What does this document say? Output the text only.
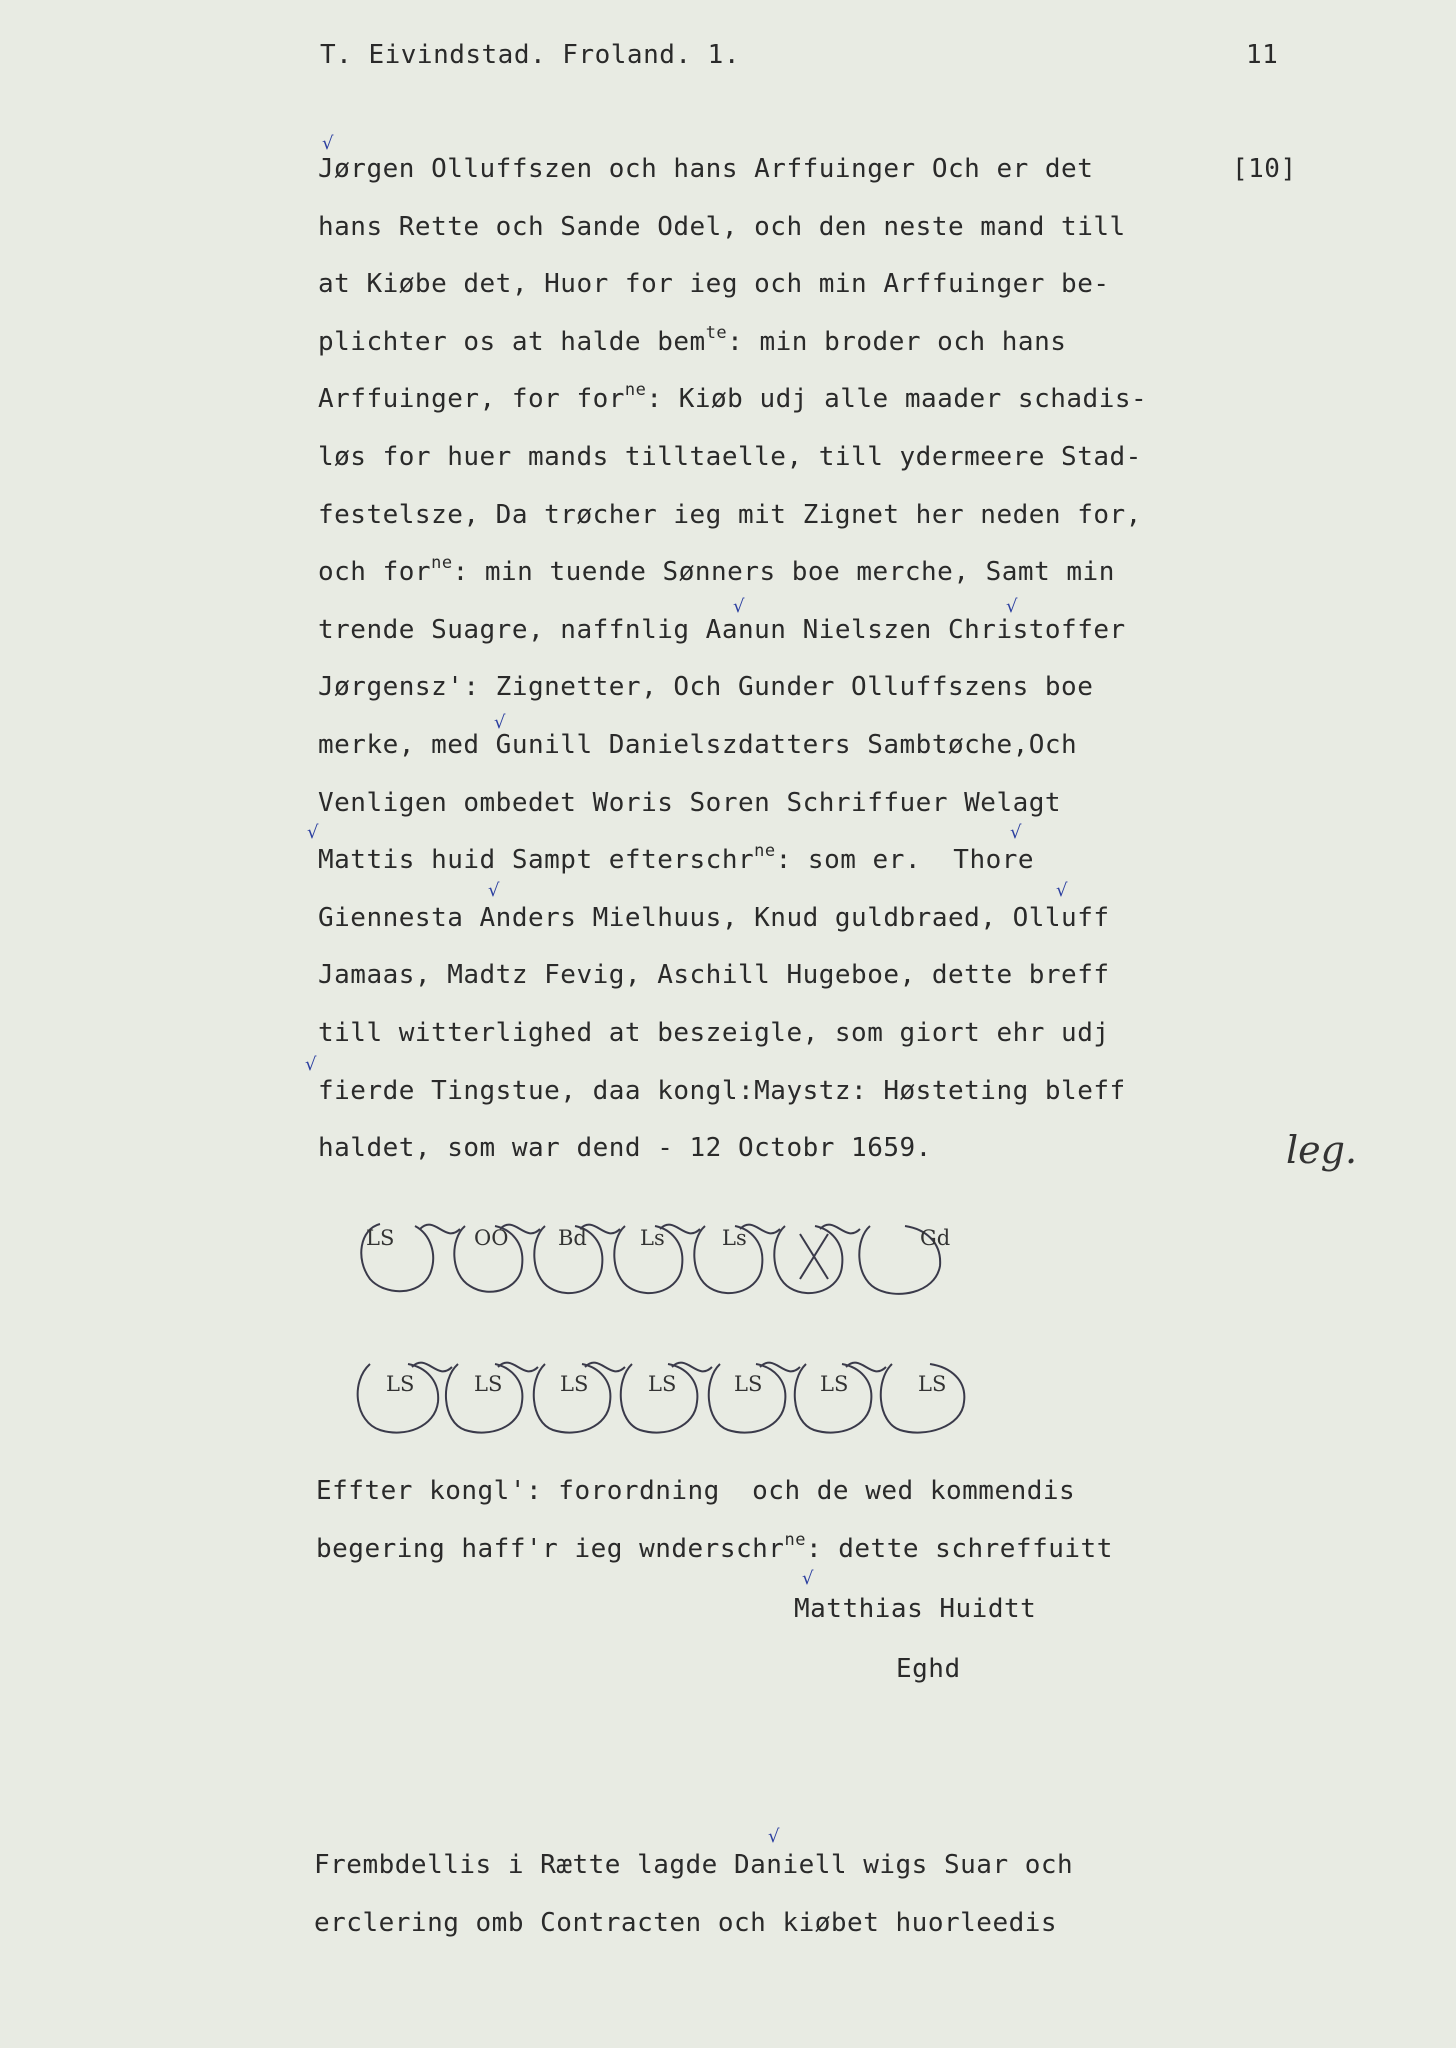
T. Eivindstad. Froland. 1.	11
[10]
Jørgen Olluffszen och hans Arffuinger Och er det
hans Rette och Sande Odel, och den neste mand till
at Kiøbe det, Huor for ieg och min Arffuinger be-
plichter os at halde bem$^{te}$: min broder och hans
Arffuinger, for for$^{ne}$: Kiøb udj alle maader schadis-
løs for huer mands tilltaelle, till ydermeere Stad-
festelsze, Da trøcher ieg mit Zignet her neden for,
och for$^{ne}$: min tuende Sønners boe merche, Samt min
trende Suagre, naffnlig Aanun Nielszen Christoffer
Jørgensz': Zignetter, Och Gunder Olluffszens boe
merke, med Gunill Danielszdatters Sambtøche,Och
Venligen ombedet Woris Soren Schriffuer Welagt
Mattis huid Sampt efterschr$^{ne}$: som er.  Thore
Giennesta Anders Mielhuus, Knud guldbraed, Olluff
Jamaas, Madtz Fevig, Aschill Hugeboe, dette breff
till witterlighed at beszeigle, som giort ehr udj
fierde Tingstue, daa kongl:Maystz: Høsteting bleff
haldet, som war dend - 12 Octobr 1659.
√
√	√
√
√	√
√	√
√
√
√
leg.
LS	OO Bd	Ls	Ls	Gd
LS	LS	LS	LS	LS	LS	LS
Effter kongl': forordning  och de wed kommendis
begering haff'r ieg wnderschr$^{ne}$: dette schreffuitt
Matthias Huidtt
Eghd
Frembdellis i Rætte lagde Daniell wigs Suar och
erclering omb Contracten och kiøbet huorleedis
